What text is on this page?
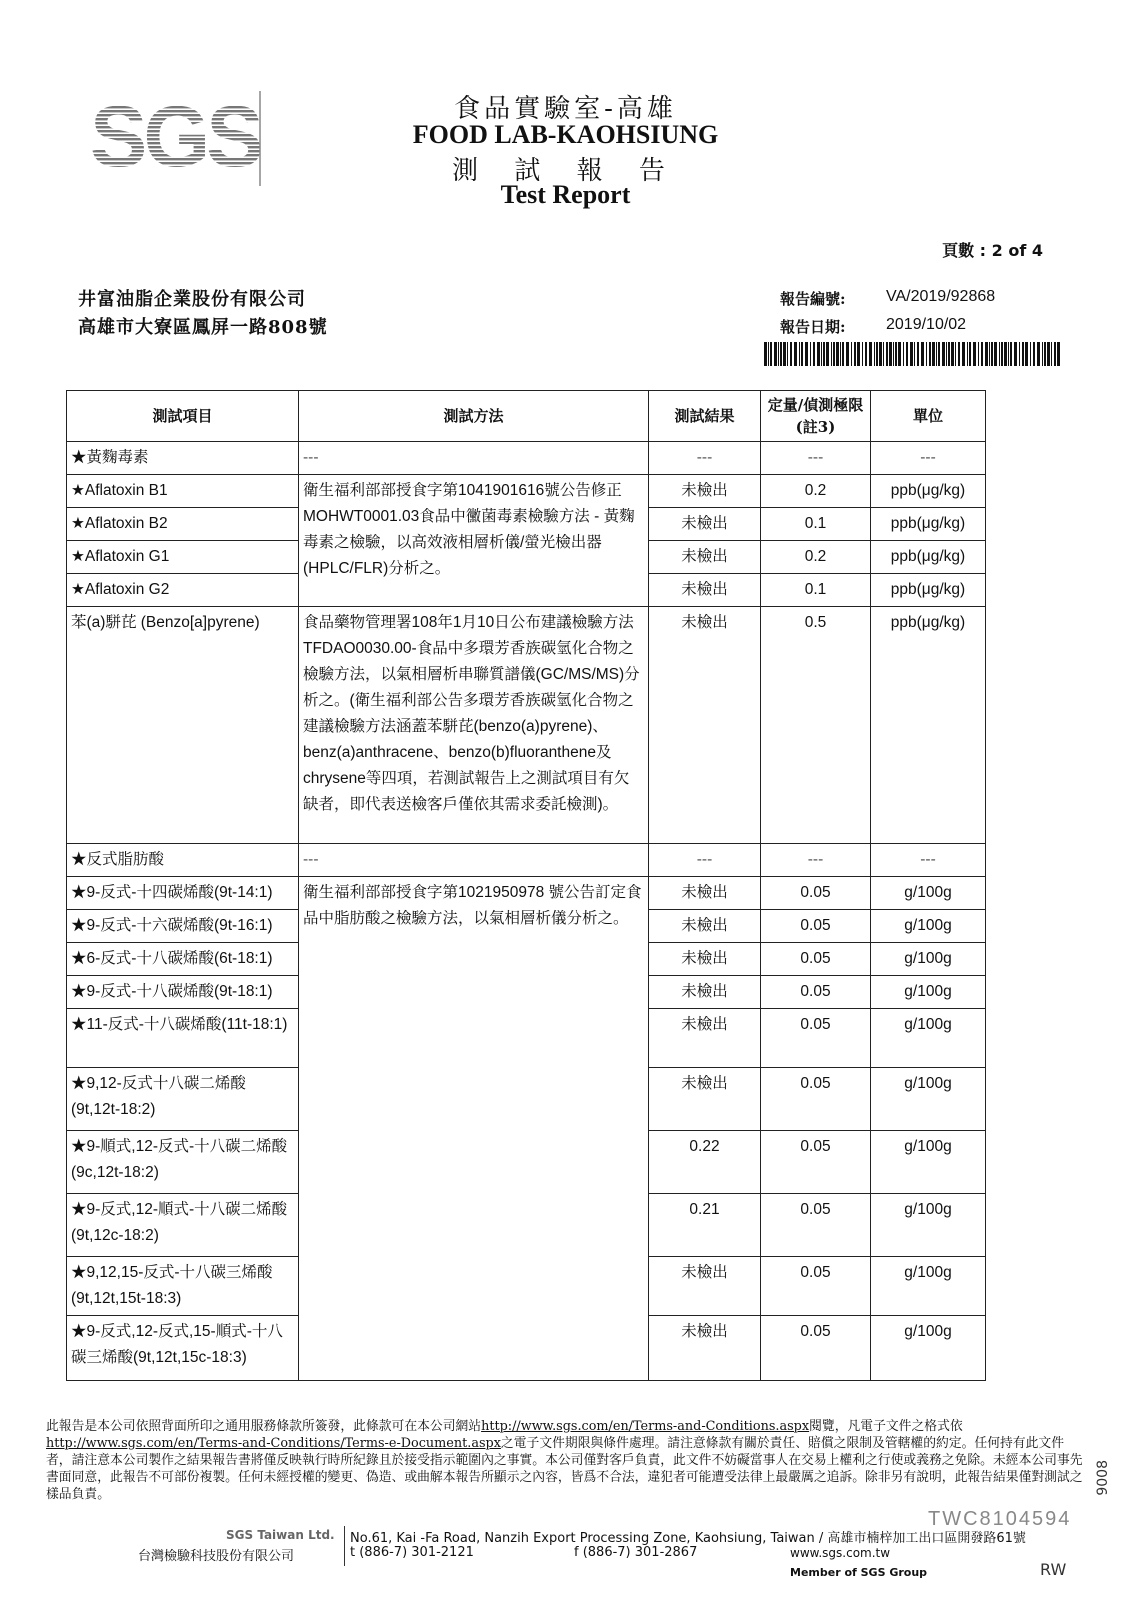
SGS	食品實驗室-高雄
FOOD LAB-KAOHSIUNG
測 試 報 告
Test Report
頁數 : 2 of 4
井富油脂企業股份有限公司
高雄市大寮區鳳屏一路808號
報告編號:	VA/2019/92868
報告日期:	2019/10/02
測試項目	測試方法	測試結果	定量/偵測極限(註3)	單位
★黃麴毒素	---	---	---	---
★Aflatoxin B1	衛生福利部部授食字第1041901616號公告修正MOHWT0001.03食品中黴菌毒素檢驗方法 - 黃麴毒素之檢驗，以高效液相層析儀/螢光檢出器 (HPLC/FLR)分析之。	未檢出	0.2	ppb(μg/kg)
★Aflatoxin B2		未檢出	0.1	ppb(μg/kg)
★Aflatoxin G1		未檢出	0.2	ppb(μg/kg)
★Aflatoxin G2		未檢出	0.1	ppb(μg/kg)
苯(a)駢芘 (Benzo[a]pyrene)	食品藥物管理署108年1月10日公布建議檢驗方法TFDAO0030.00-食品中多環芳香族碳氫化合物之檢驗方法，以氣相層析串聯質譜儀(GC/MS/MS)分析之。(衛生福利部公告多環芳香族碳氫化合物之建議檢驗方法涵蓋苯駢芘(benzo(a)pyrene)、benz(a)anthracene、benzo(b)fluoranthene及chrysene等四項，若測試報告上之測試項目有欠缺者，即代表送檢客戶僅依其需求委託檢測)。	未檢出	0.5	ppb(μg/kg)
★反式脂肪酸	---	---	---	---
★9-反式-十四碳烯酸(9t-14:1)	衛生福利部部授食字第1021950978 號公告訂定食品中脂肪酸之檢驗方法，以氣相層析儀分析之。	未檢出	0.05	g/100g
★9-反式-十六碳烯酸(9t-16:1)		未檢出	0.05	g/100g
★6-反式-十八碳烯酸(6t-18:1)		未檢出	0.05	g/100g
★9-反式-十八碳烯酸(9t-18:1)		未檢出	0.05	g/100g
★11-反式-十八碳烯酸(11t-18:1)		未檢出	0.05	g/100g
★9,12-反式十八碳二烯酸(9t,12t-18:2)		未檢出	0.05	g/100g
★9-順式,12-反式-十八碳二烯酸(9c,12t-18:2)		0.22	0.05	g/100g
★9-反式,12-順式-十八碳二烯酸(9t,12c-18:2)		0.21	0.05	g/100g
★9,12,15-反式-十八碳三烯酸(9t,12t,15t-18:3)		未檢出	0.05	g/100g
★9-反式,12-反式,15-順式-十八碳三烯酸(9t,12t,15c-18:3)		未檢出	0.05	g/100g
此報告是本公司依照背面所印之通用服務條款所簽發，此條款可在本公司網站http://www.sgs.com/en/Terms-and-Conditions.aspx閱覽，凡電子文件之格式依http://www.sgs.com/en/Terms-and-Conditions/Terms-e-Document.aspx之電子文件期限與條件處理。請注意條款有關於責任、賠償之限制及管轄權的約定。任何持有此文件者，請注意本公司製作之結果報告書將僅反映執行時所紀錄且於接受指示範圍內之事實。本公司僅對客戶負責，此文件不妨礙當事人在交易上權利之行使或義務之免除。未經本公司事先書面同意，此報告不可部份複製。任何未經授權的變更、偽造、或曲解本報告所顯示之內容，皆爲不合法，違犯者可能遭受法律上最嚴厲之追訴。除非另有說明，此報告結果僅對測試之樣品負責。
TWC8104594
9008
SGS Taiwan Ltd.
台灣檢驗科技股份有限公司
No.61, Kai -Fa Road, Nanzih Export Processing Zone, Kaohsiung, Taiwan / 高雄市楠梓加工出口區開發路61號
t (886-7) 301-2121	f (886-7) 301-2867	www.sgs.com.tw
Member of SGS Group	RW
